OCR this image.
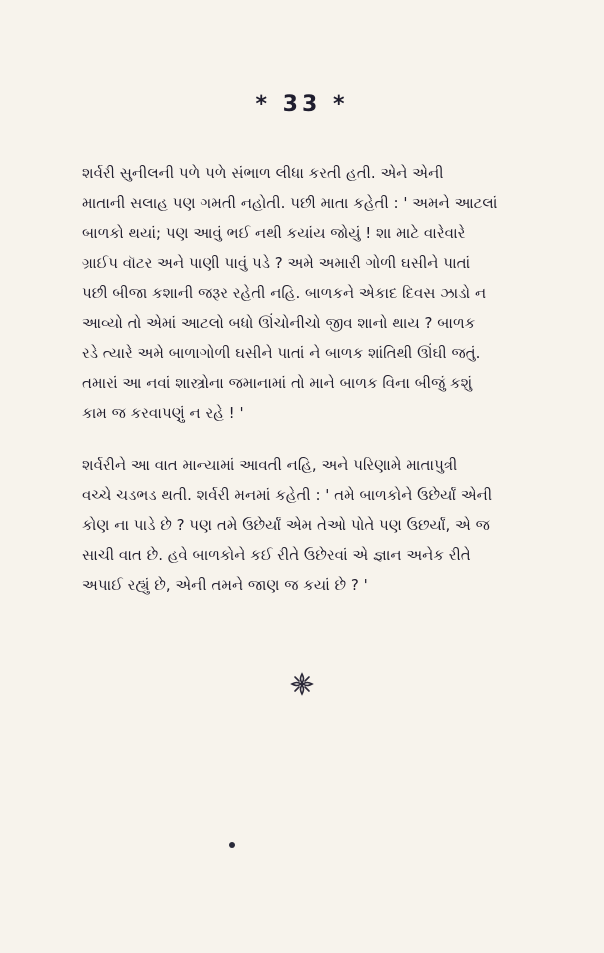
* 33 *
શર્વરી સુનીલની પળે પળે સંભાળ લીધા કરતી હતી. એને એની
માતાની સલાહ પણ ગમતી નહોતી. પછી માતા કહેતી : ' અમને આટલાં
બાળકો થયાં; પણ આવું ભઈ નથી કયાંય જોયું ! શા માટે વારેવારે
ગ્રાઈપ વૉટર અને પાણી પાવું પડે ? અમે અમારી ગોળી ઘસીને પાતાં
પછી બીજા કશાની જરૂર રહેતી નહિ. બાળકને એકાદ દિવસ ઝાડો ન
આવ્યો તો એમાં આટલો બધો ઊંચોનીચો જીવ શાનો થાય ? બાળક
રડે ત્યારે અમે બાળાગોળી ઘસીને પાતાં ને બાળક શાંતિથી ઊંઘી જતું.
તમારાં આ નવાં શાસ્ત્રોના જમાનામાં તો માને બાળક વિના બીજું કશું
કામ જ કરવાપણું ન રહે ! '
શર્વરીને આ વાત માન્યામાં આવતી નહિ, અને પરિણામે માતાપુત્રી
વચ્ચે ચડભડ થતી. શર્વરી મનમાં કહેતી : ' તમે બાળકોને ઉછેર્યાં એની
કોણ ના પાડે છે ? પણ તમે ઉછેર્યાં એમ તેઓ પોતે પણ ઉછર્યાં, એ જ
સાચી વાત છે. હવે બાળકોને કઈ રીતે ઉછેરવાં એ જ્ઞાન અનેક રીતે
અપાઈ રહ્યું છે, એની તમને જાણ જ કયાં છે ? '
